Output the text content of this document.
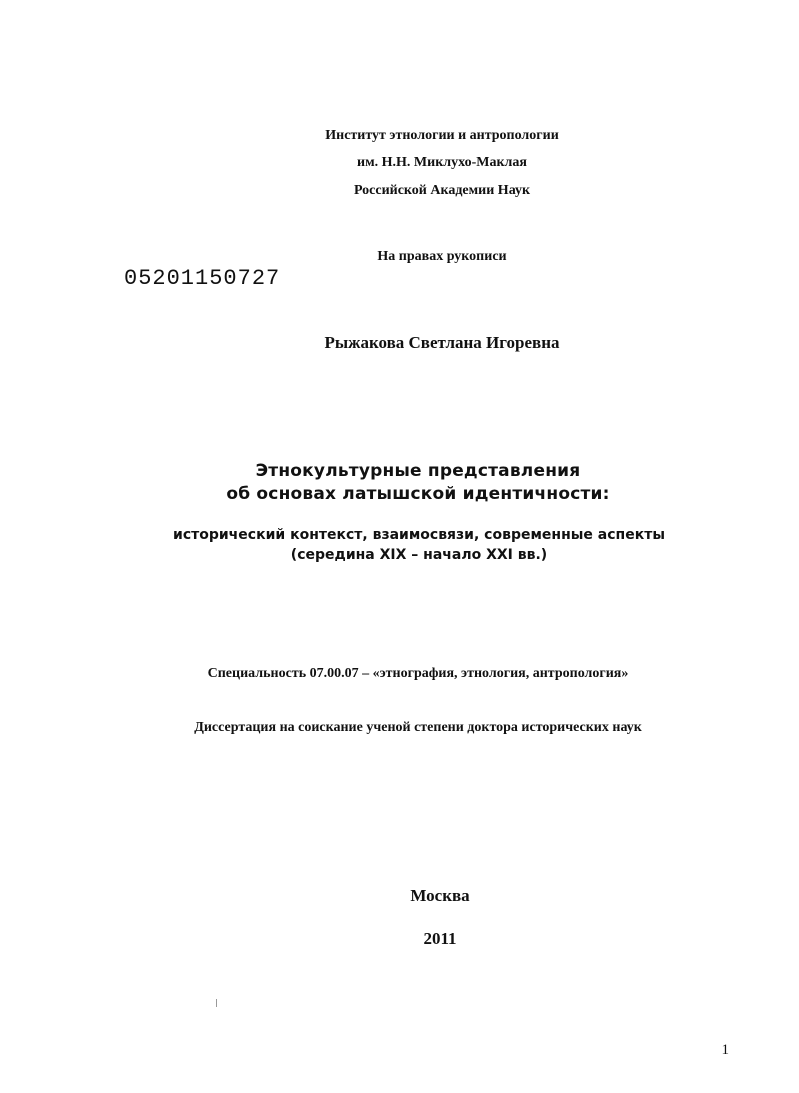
Институт этнологии и антропологии
им. Н.Н. Миклухо-Маклая
Российской Академии Наук
На правах рукописи
05201150727
Рыжакова Светлана Игоревна
Этнокультурные представления
об основах латышской идентичности:
исторический контекст, взаимосвязи, современные аспекты
(середина XIX – начало XXI вв.)
Специальность 07.00.07 – «этнография, этнология, антропология»
Диссертация на соискание ученой степени доктора исторических наук
Москва
2011
1
